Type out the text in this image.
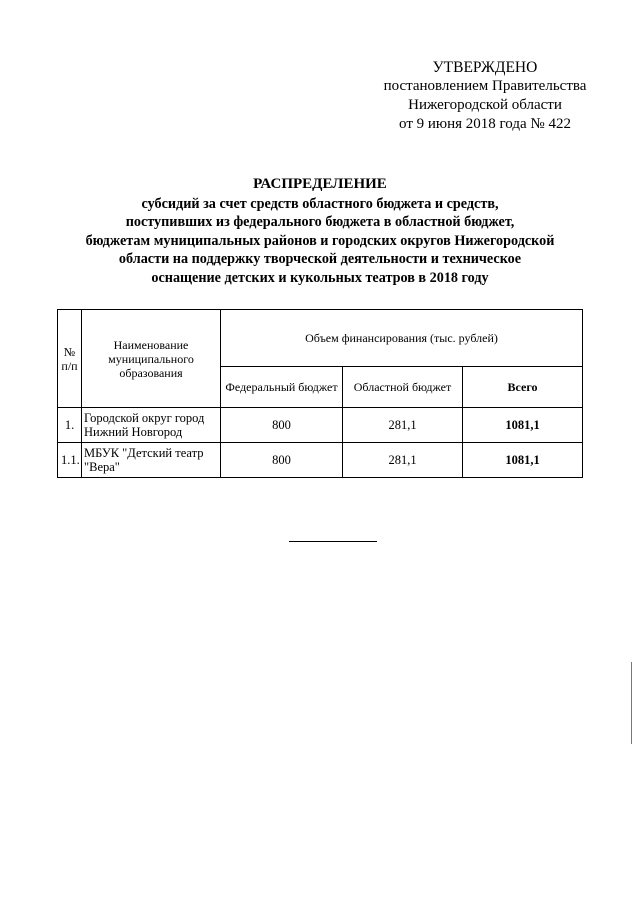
УТВЕРЖДЕНО
постановлением Правительства
Нижегородской области
от 9 июня 2018 года № 422
РАСПРЕДЕЛЕНИЕ
субсидий за счет средств областного бюджета и средств,
поступивших из федерального бюджета в областной бюджет,
бюджетам муниципальных районов и городских округов Нижегородской
области на поддержку творческой деятельности и техническое
оснащение детских и кукольных театров в 2018 году
№ п/п	Наименование муниципального образования	Объем финансирования (тыс. рублей)		
		Федеральный бюджет	Областной бюджет	Всего
1.	Городской округ город Нижний Новгород	800	281,1	1081,1
1.1.	МБУК "Детский театр "Вера"	800	281,1	1081,1
